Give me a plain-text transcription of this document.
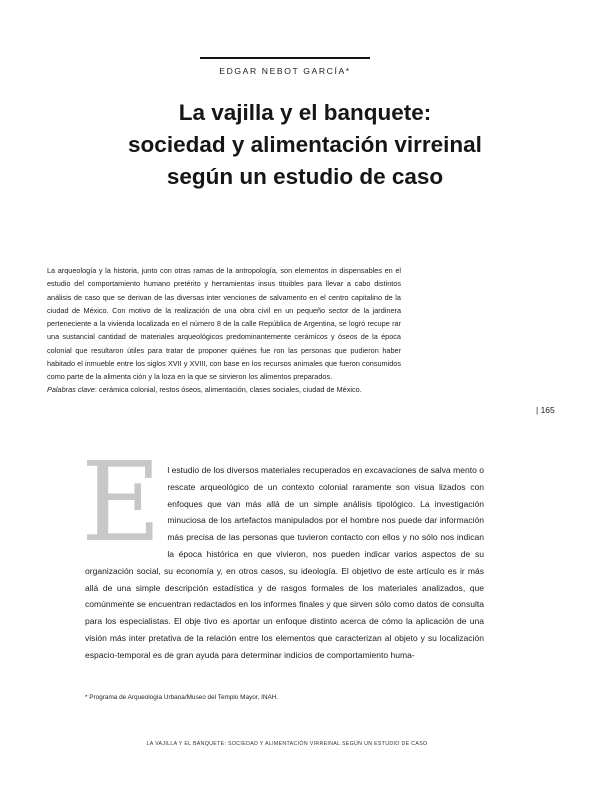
EDGAR NEBOT GARCÍA*
La vajilla y el banquete:
sociedad y alimentación virreinal
según un estudio de caso

La arqueología y la historia, junto con otras ramas de la antropología, son elementos in dispensables en el estudio del comportamiento humano pretérito y herramientas insus tituibles para llevar a cabo distintos análisis de caso que se derivan de las diversas inter venciones de salvamento en el centro capitalino de la ciudad de México. Con motivo de la realización de una obra civil en un pequeño sector de la jardinera perteneciente a la vivienda localizada en el número 8 de la calle República de Argentina, se logró recupe rar una sustancial cantidad de materiales arqueológicos predominantemente cerámicos y óseos de la época colonial que resultaron útiles para tratar de proponer quiénes fue ron las personas que pudieron haber habitado el inmueble entre los siglos XVII y XVIII, con base en los recursos animales que fueron consumidos como parte de la alimenta ción y la loza en la que se sirvieron los alimentos preparados.

Palabras clave: cerámica colonial, restos óseos, alimentación, clases sociales, ciudad de México.

| 165
E l estudio de los diversos materiales recuperados en excavaciones de salva mento o rescate arqueológico de un contexto colonial raramente son visua lizados con enfoques que van más allá de un simple análisis tipológico. La investigación minuciosa de los artefactos manipulados por el hombre nos puede dar información más precisa de las personas que tuvieron contacto con ellos y no sólo nos indican la época histórica en que vivieron, nos pueden indicar varios aspectos de su organización social, su economía y, en otros casos, su ideología. El objetivo de este artículo es ir más allá de una simple descripción estadística y de rasgos formales de los materiales analizados, que comúnmente se encuentran redactados en los informes finales y que sirven sólo como datos de consulta para los especialistas. El obje tivo es aportar un enfoque distinto acerca de cómo la aplicación de una visión más inter pretativa de la relación entre los elementos que caracterizan al objeto y su localización espacio-temporal es de gran ayuda para determinar indicios de comportamiento huma-

* Programa de Arqueología Urbana/Museo del Templo Mayor, INAH.
LA VAJILLA Y EL BANQUETE: SOCIEDAD Y ALIMENTACIÓN VIRREINAL SEGÚN UN ESTUDIO DE CASO
